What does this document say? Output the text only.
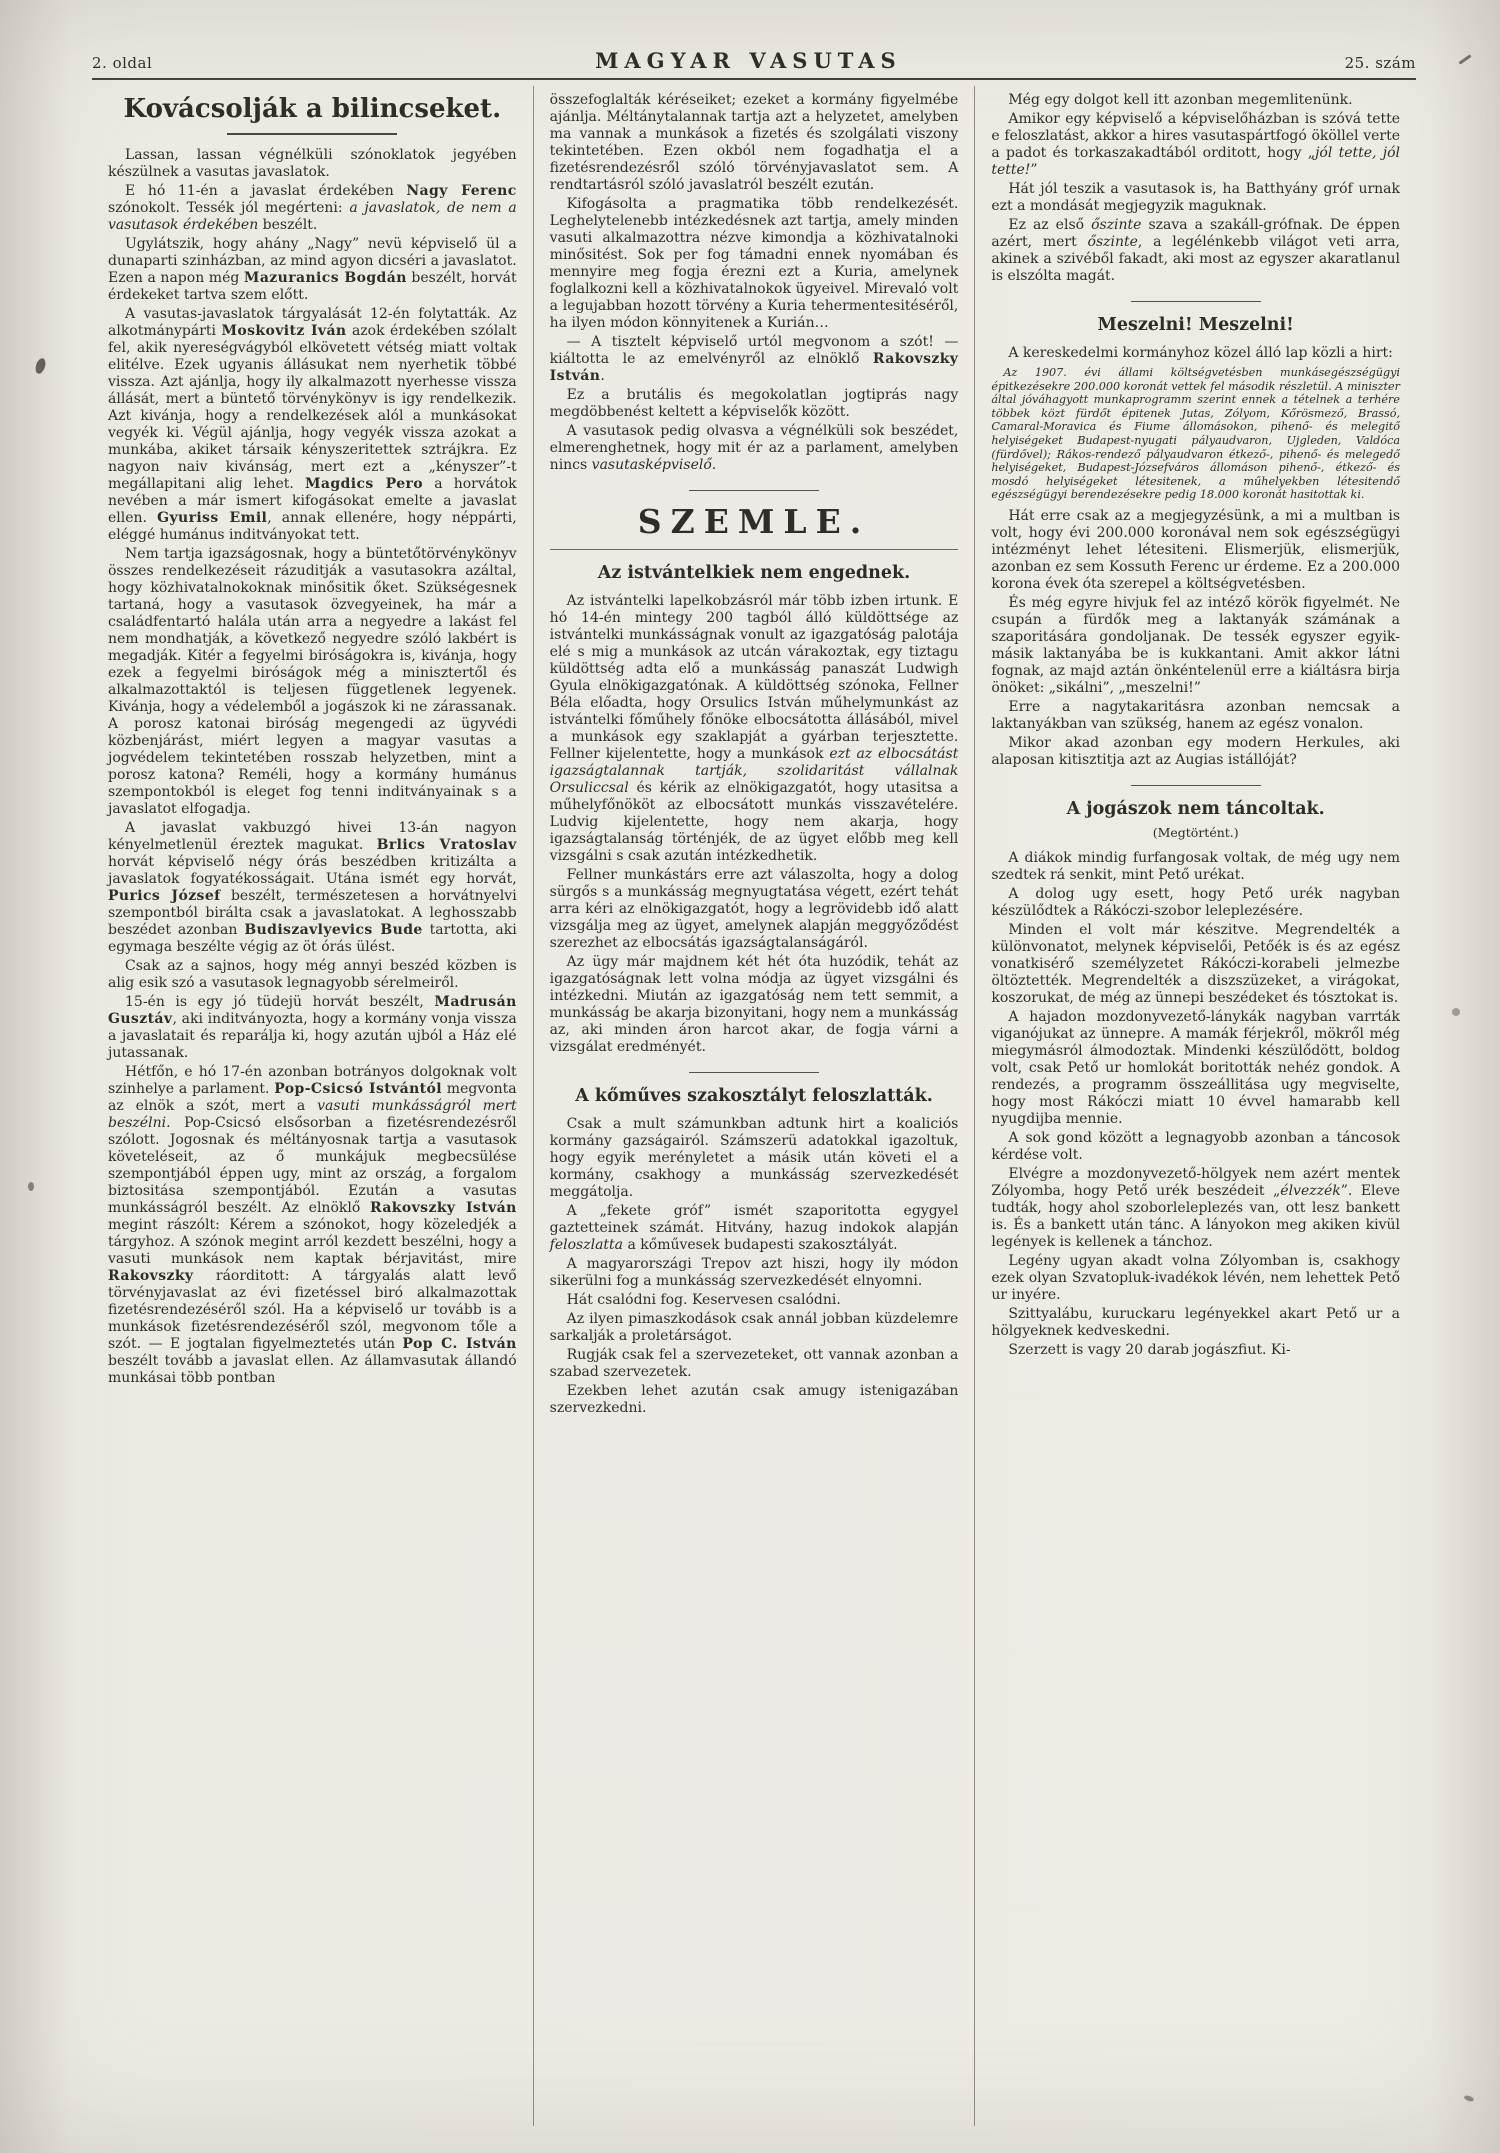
2. oldal	MAGYAR VASUTAS	25. szám
Kovácsolják a bilincseket.
Lassan, lassan végnélküli szónoklatok jegyében készülnek a vasutas javaslatok.
E hó 11-én a javaslat érdekében Nagy Ferenc szónokolt. Tessék jól megérteni: a javaslatok, de nem a vasutasok érdekében beszélt.
Ugylátszik, hogy ahány „Nagy” nevü képviselő ül a dunaparti szinházban, az mind agyon dicséri a javaslatot. Ezen a napon még Mazuranics Bogdán beszélt, horvát érdekeket tartva szem előtt.
A vasutas-javaslatok tárgyalását 12-én folytatták. Az alkotmánypárti Moskovitz Iván azok érdekében szólalt fel, akik nyereségvágyból elkövetett vétség miatt voltak elitélve. Ezek ugyanis állásukat nem nyerhetik többé vissza. Azt ajánlja, hogy ily alkalmazott nyerhesse vissza állását, mert a büntető törvénykönyv is igy rendelkezik. Azt kivánja, hogy a rendelkezések alól a munkásokat vegyék ki. Végül ajánlja, hogy vegyék vissza azokat a munkába, akiket társaik kényszeritettek sztrájkra. Ez nagyon naiv kivánság, mert ezt a „kényszer”-t megállapitani alig lehet. Magdics Pero a horvátok nevében a már ismert kifogásokat emelte a javaslat ellen. Gyuriss Emil, annak ellenére, hogy néppárti, eléggé humánus inditványokat tett.
Nem tartja igazságosnak, hogy a büntetőtörvénykönyv összes rendelkezéseit rázuditják a vasutasokra azáltal, hogy közhivatalnokoknak minősitik őket. Szükségesnek tartaná, hogy a vasutasok özvegyeinek, ha már a családfentartó halála után arra a negyedre a lakást fel nem mondhatják, a következő negyedre szóló lakbért is megadják. Kitér a fegyelmi biróságokra is, kivánja, hogy ezek a fegyelmi biróságok még a minisztertől és alkalmazottaktól is teljesen függetlenek legyenek. Kivánja, hogy a védelemből a jogászok ki ne zárassanak. A porosz katonai biróság megengedi az ügyvédi közbenjárást, miért legyen a magyar vasutas a jogvédelem tekintetében rosszab helyzetben, mint a porosz katona? Reméli, hogy a kormány humánus szempontokból is eleget fog tenni inditványainak s a javaslatot elfogadja.
A javaslat vakbuzgó hivei 13-án nagyon kényelmetlenül éreztek magukat. Brlics Vratoslav horvát képviselő négy órás beszédben kritizálta a javaslatok fogyatékosságait. Utána ismét egy horvát, Purics József beszélt, természetesen a horvátnyelvi szempontból birálta csak a javaslatokat. A leghosszabb beszédet azonban Budiszavlyevics Bude tartotta, aki egymaga beszélte végig az öt órás ülést.
Csak az a sajnos, hogy még annyi beszéd közben is alig esik szó a vasutasok legnagyobb sérelmeiről.
15-én is egy jó tüdejü horvát beszélt, Madrusán Gusztáv, aki inditványozta, hogy a kormány vonja vissza a javaslatait és reparálja ki, hogy azután ujból a Ház elé jutassanak.
Hétfőn, e hó 17-én azonban botrányos dolgoknak volt szinhelye a parlament. Pop-Csicsó Istvántól megvonta az elnök a szót, mert a vasuti munkásságról mert beszélni. Pop-Csicsó elsősorban a fizetésrendezésről szólott. Jogosnak és méltányosnak tartja a vasutasok követeléseit, az ő munkájuk megbecsülése szempontjából éppen ugy, mint az ország, a forgalom biztositása szempontjából. Ezután a vasutas munkásságról beszélt. Az elnöklő Rakovszky István megint rászólt: Kérem a szónokot, hogy közeledjék a tárgyhoz. A szónok megint arról kezdett beszélni, hogy a vasuti munkások nem kaptak bérjavitást, mire Rakovszky ráorditott: A tárgyalás alatt levő törvényjavaslat az évi fizetéssel biró alkalmazottak fizetésrendezéséről szól. Ha a képviselő ur tovább is a munkások fizetésrendezéséről szól, megvonom tőle a szót. — E jogtalan figyelmeztetés után Pop C. István beszélt tovább a javaslat ellen. Az államvasutak állandó munkásai több pontban
összefoglalták kéréseiket; ezeket a kormány figyelmébe ajánlja. Méltánytalannak tartja azt a helyzetet, amelyben ma vannak a munkások a fizetés és szolgálati viszony tekintetében. Ezen okból nem fogadhatja el a fizetésrendezésről szóló törvényjavaslatot sem. A rendtartásról szóló javaslatról beszélt ezután.
Kifogásolta a pragmatika több rendelkezését. Leghelytelenebb intézkedésnek azt tartja, amely minden vasuti alkalmazottra nézve kimondja a közhivatalnoki minősitést. Sok per fog támadni ennek nyomában és mennyire meg fogja érezni ezt a Kuria, amelynek foglalkozni kell a közhivatalnokok ügyeivel. Mirevaló volt a legujabban hozott törvény a Kuria tehermentesitéséről, ha ilyen módon könnyitenek a Kurián…
— A tisztelt képviselő urtól megvonom a szót! — kiáltotta le az emelvényről az elnöklő Rakovszky István.
Ez a brutális és megokolatlan jogtiprás nagy megdöbbenést keltett a képviselők között.
A vasutasok pedig olvasva a végnélküli sok beszédet, elmerenghetnek, hogy mit ér az a parlament, amelyben nincs vasutasképviselő.
SZEMLE.
Az istvántelkiek nem engednek.
Az istvántelki lapelkobzásról már több izben irtunk. E hó 14-én mintegy 200 tagból álló küldöttsége az istvántelki munkásságnak vonult az igazgatóság palotája elé s mig a munkások az utcán várakoztak, egy tiztagu küldöttség adta elő a munkásság panaszát Ludwigh Gyula elnökigazgatónak. A küldöttség szónoka, Fellner Béla előadta, hogy Orsulics István műhelymunkást az istvántelki főműhely főnöke elbocsátotta állásából, mivel a munkások egy szaklapját a gyárban terjesztette. Fellner kijelentette, hogy a munkások ezt az elbocsátást igazságtalannak tartják, szolidaritást vállalnak Orsuliccsal és kérik az elnökigazgatót, hogy utasitsa a műhelyfőnököt az elbocsátott munkás visszavételére. Ludvig kijelentette, hogy nem akarja, hogy igazságtalanság történjék, de az ügyet előbb meg kell vizsgálni s csak azután intézkedhetik.
Fellner munkástárs erre azt válaszolta, hogy a dolog sürgős s a munkásság megnyugtatása végett, ezért tehát arra kéri az elnökigazgatót, hogy a legrövidebb idő alatt vizsgálja meg az ügyet, amelynek alapján meggyőződést szerezhet az elbocsátás igazságtalanságáról.
Az ügy már majdnem két hét óta huzódik, tehát az igazgatóságnak lett volna módja az ügyet vizsgálni és intézkedni. Miután az igazgatóság nem tett semmit, a munkásság be akarja bizonyitani, hogy nem a munkásság az, aki minden áron harcot akar, de fogja várni a vizsgálat eredményét.
A kőműves szakosztályt feloszlatták.
Csak a mult számunkban adtunk hirt a koaliciós kormány gazságairól. Számszerü adatokkal igazoltuk, hogy egyik merényletet a másik után követi el a kormány, csakhogy a munkásság szervezkedését meggátolja.
A „fekete gróf” ismét szaporitotta egygyel gaztetteinek számát. Hitvány, hazug indokok alapján feloszlatta a kőművesek budapesti szakosztályát.
A magyarországi Trepov azt hiszi, hogy ily módon sikerülni fog a munkásság szervezkedését elnyomni.
Hát csalódni fog. Keservesen csalódni.
Az ilyen pimaszkodások csak annál jobban küzdelemre sarkalják a proletárságot.
Rugják csak fel a szervezeteket, ott vannak azonban a szabad szervezetek.
Ezekben lehet azután csak amugy istenigazában szervezkedni.
Még egy dolgot kell itt azonban megemlitenünk.
Amikor egy képviselő a képviselőházban is szóvá tette e feloszlatást, akkor a hires vasutaspártfogó ököllel verte a padot és torkaszakadtából orditott, hogy „jól tette, jól tette!”
Hát jól teszik a vasutasok is, ha Batthyány gróf urnak ezt a mondását megjegyzik maguknak.
Ez az első őszinte szava a szakáll-grófnak. De éppen azért, mert őszinte, a legélénkebb világot veti arra, akinek a szivéből fakadt, aki most az egyszer akaratlanul is elszólta magát.
Meszelni! Meszelni!
A kereskedelmi kormányhoz közel álló lap közli a hirt:
Az 1907. évi állami költségvetésben munkásegészségügyi épitkezésekre 200.000 koronát vettek fel második részletül. A miniszter által jóváhagyott munkaprogramm szerint ennek a tételnek a terhére többek közt fürdőt épitenek Jutas, Zólyom, Kőrösmező, Brassó, Camaral-Moravica és Fiume állomásokon, pihenő- és melegitő helyiségeket Budapest-nyugati pályaudvaron, Ujgleden, Valdóca (fürdővel); Rákos-rendező pályaudvaron étkező-, pihenő- és melegedő helyiségeket, Budapest-Józsefváros állomáson pihenő-, étkező- és mosdó helyiségeket létesitenek, a műhelyekben létesitendő egészségügyi berendezésekre pedig 18.000 koronát hasitottak ki.
Hát erre csak az a megjegyzésünk, a mi a multban is volt, hogy évi 200.000 koronával nem sok egészségügyi intézményt lehet létesiteni. Elismerjük, elismerjük, azonban ez sem Kossuth Ferenc ur érdeme. Ez a 200.000 korona évek óta szerepel a költségvetésben.
És még egyre hivjuk fel az intéző körök figyelmét. Ne csupán a fürdők meg a laktanyák számának a szaporitására gondoljanak. De tessék egyszer egyik-másik laktanyába be is kukkantani. Amit akkor látni fognak, az majd aztán önkéntelenül erre a kiáltásra birja önöket: „sikálni”, „meszelni!”
Erre a nagytakaritásra azonban nemcsak a laktanyákban van szükség, hanem az egész vonalon.
Mikor akad azonban egy modern Herkules, aki alaposan kitisztitja azt az Augias istállóját?
A jogászok nem táncoltak.
(Megtörtént.)
A diákok mindig furfangosak voltak, de még ugy nem szedtek rá senkit, mint Pető urékat.
A dolog ugy esett, hogy Pető urék nagyban készülődtek a Rákóczi-szobor leleplezésére.
Minden el volt már készitve. Megrendelték a különvonatot, melynek képviselői, Petőék is és az egész vonatkisérő személyzetet Rákóczi-korabeli jelmezbe öltöztették. Megrendelték a diszszüzeket, a virágokat, koszorukat, de még az ünnepi beszédeket és tósztokat is.
A hajadon mozdonyvezető-lánykák nagyban varrták viganójukat az ünnepre. A mamák férjekről, mökről még miegymásról álmodoztak. Mindenki készülődött, boldog volt, csak Pető ur homlokát boritották nehéz gondok. A rendezés, a programm összeállitása ugy megviselte, hogy most Rákóczi miatt 10 évvel hamarabb kell nyugdijba mennie.
A sok gond között a legnagyobb azonban a táncosok kérdése volt.
Elvégre a mozdonyvezető-hölgyek nem azért mentek Zólyomba, hogy Pető urék beszédeit „élvezzék”. Eleve tudták, hogy ahol szoborleleplezés van, ott lesz bankett is. És a bankett után tánc. A lányokon meg akiken kivül legények is kellenek a tánchoz.
Legény ugyan akadt volna Zólyomban is, csakhogy ezek olyan Szvatopluk-ivadékok lévén, nem lehettek Pető ur inyére.
Szittyalábu, kuruckaru legényekkel akart Pető ur a hölgyeknek kedveskedni.
Szerzett is vagy 20 darab jogászfiut. Ki-
